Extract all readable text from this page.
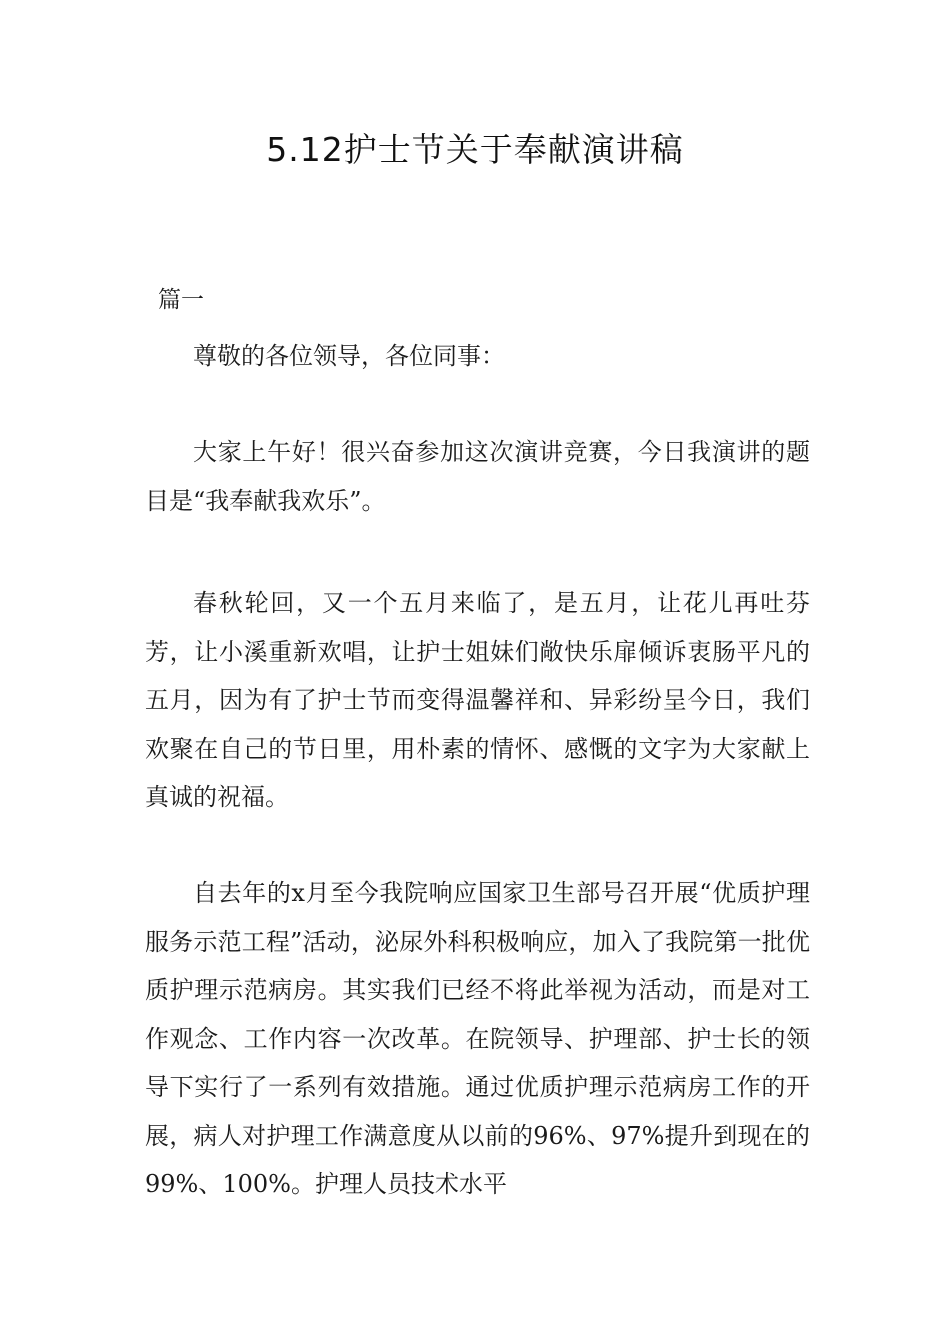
5.12护士节关于奉献演讲稿
篇一

尊敬的各位领导，各位同事：

大家上午好！很兴奋参加这次演讲竞赛，今日我演讲的题目是“我奉献我欢乐”。

春秋轮回，又一个五月来临了，是五月，让花儿再吐芬芳，让小溪重新欢唱，让护士姐妹们敞快乐扉倾诉衷肠平凡的五月，因为有了护士节而变得温馨祥和、异彩纷呈今日，我们欢聚在自己的节日里，用朴素的情怀、感慨的文字为大家献上真诚的祝福。

自去年的x月至今我院响应国家卫生部号召开展“优质护理服务示范工程”活动，泌尿外科积极响应，加入了我院第一批优质护理示范病房。其实我们已经不将此举视为活动，而是对工作观念、工作内容一次改革。在院领导、护理部、护士长的领导下实行了一系列有效措施。通过优质护理示范病房工作的开展，病人对护理工作满意度从以前的96%、97%提升到现在的99%、100%。护理人员技术水平
